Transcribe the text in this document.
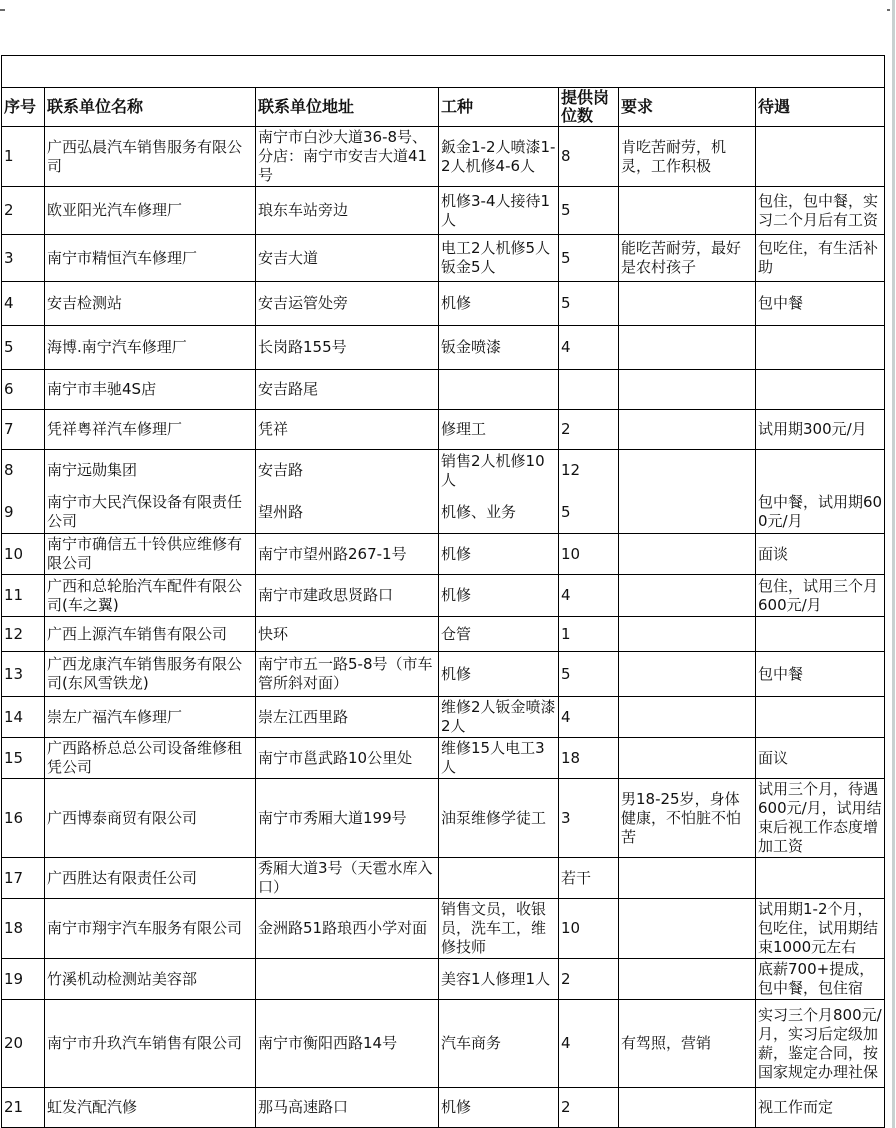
序号	联系单位名称	联系单位地址	工种	提供岗位数	要求	待遇
1	广西弘晨汽车销售服务有限公司	南宁市白沙大道36-8号、分店：南宁市安吉大道41号	鈑金1-2人喷漆1-2人机修4-6人	8	肯吃苦耐劳，机灵，工作积极	
2	欧亚阳光汽车修理厂	琅东车站旁边	机修3-4人接待1人	5		包住，包中餐，实习二个月后有工资
3	南宁市精恒汽车修理厂	安吉大道	电工2人机修5人钣金5人	5	能吃苦耐劳，最好是农村孩子	包吃住，有生活补助
4	安吉检测站	安吉运管处旁	机修	5		包中餐
5	海博.南宁汽车修理厂	长岗路155号	钣金喷漆	4		
6	南宁市丰驰4S店	安吉路尾				
7	凭祥粤祥汽车修理厂	凭祥	修理工	2		试用期300元/月
8	南宁远勋集团	安吉路	销售2人机修10人	12		
9	南宁市大民汽保设备有限责任公司	望州路	机修、业务	5		包中餐，试用期600元/月
10	南宁市确信五十铃供应维修有限公司	南宁市望州路267-1号	机修	10		面谈
11	广西和总轮胎汽车配件有限公司(车之翼)	南宁市建政思贤路口	机修	4		包住，试用三个月600元/月
12	广西上源汽车销售有限公司	快环	仓管	1		
13	广西龙康汽车销售服务有限公司(东风雪铁龙)	南宁市五一路5-8号（市车管所斜对面）	机修	5		包中餐
14	崇左广福汽车修理厂	崇左江西里路	维修2人钣金喷漆2人	4		
15	广西路桥总总公司设备维修租凭公司	南宁市邕武路10公里处	维修15人电工3人	18		面议
16	广西博泰商贸有限公司	南宁市秀厢大道199号	油泵维修学徒工	3	男18-25岁，身体健康，不怕脏不怕苦	试用三个月，待遇600元/月，试用结束后视工作态度增加工资
17	广西胜达有限责任公司	秀厢大道3号（天雹水库入口）		若干		
18	南宁市翔宇汽车服务有限公司	金洲路51路琅西小学对面	销售文员，收银员，洗车工，维修技师	10		试用期1-2个月，包吃住，试用期结束1000元左右
19	竹溪机动检测站美容部		美容1人修理1人	2		底薪700+提成，包中餐，包住宿
20	南宁市升玖汽车销售有限公司	南宁市衡阳西路14号	汽车商务	4	有驾照，营销	实习三个月800元/月，实习后定级加薪，鉴定合同，按国家规定办理社保
21	虹发汽配汽修	那马高速路口	机修	2		视工作而定
